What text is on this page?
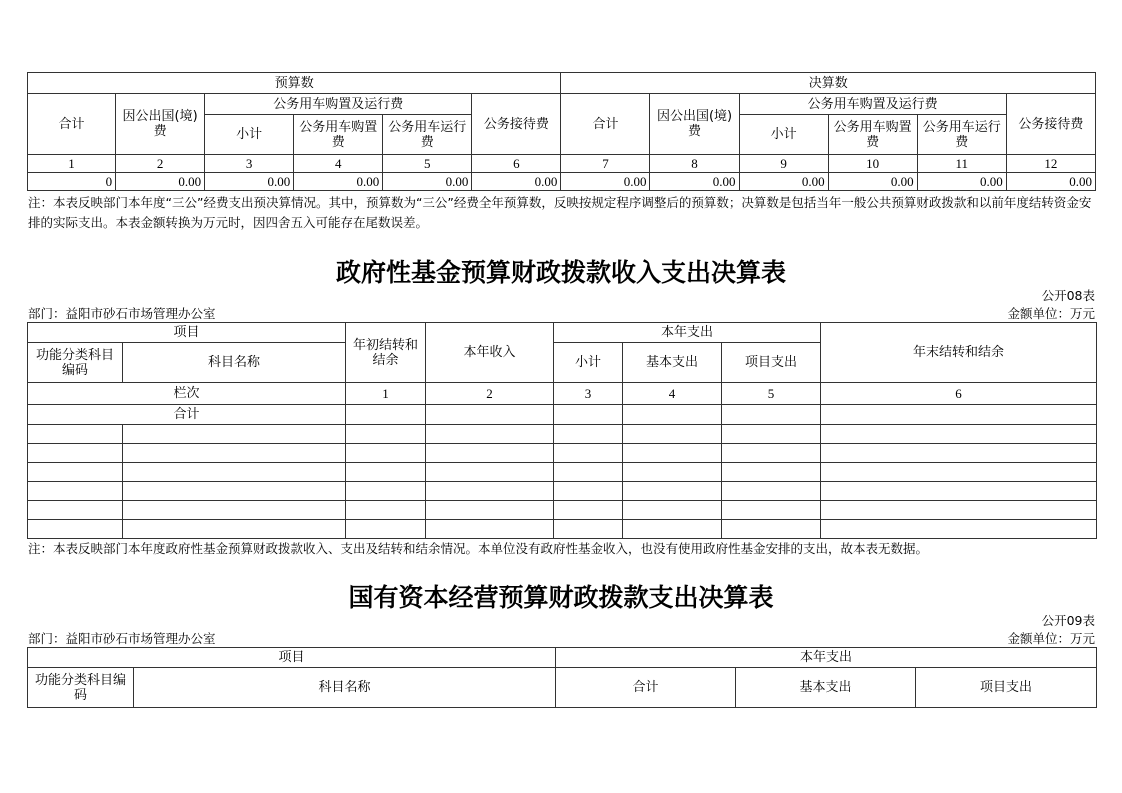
预算数						决算数					
合计	因公出国(境)费	公务用车购置及运行费			公务接待费	合计	因公出国(境)费	公务用车购置及运行费			公务接待费
		小计	公务用车购置费	公务用车运行费				小计	公务用车购置费	公务用车运行费	
1	2	3	4	5	6	7	8	9	10	11	12
0	0.00	0.00	0.00	0.00	0.00	0.00	0.00	0.00	0.00	0.00	0.00
注：本表反映部门本年度“三公”经费支出预决算情况。其中，预算数为“三公”经费全年预算数，反映按规定程序调整后的预算数；决算数是包括当年一般公共预算财政拨款和以前年度结转资金安排的实际支出。本表金额转换为万元时，因四舍五入可能存在尾数误差。
政府性基金预算财政拨款收入支出决算表
公开08表
部门：益阳市砂石市场管理办公室	金额单位：万元
项目		年初结转和结余	本年收入	本年支出			年末结转和结余
功能分类科目编码	科目名称			小计	基本支出	项目支出	
栏次		1	2	3	4	5	6
合计							

注：本表反映部门本年度政府性基金预算财政拨款收入、支出及结转和结余情况。本单位没有政府性基金收入，也没有使用政府性基金安排的支出，故本表无数据。
国有资本经营预算财政拨款支出决算表
公开09表
部门：益阳市砂石市场管理办公室	金额单位：万元
项目		本年支出		
功能分类科目编码	科目名称	合计	基本支出	项目支出
